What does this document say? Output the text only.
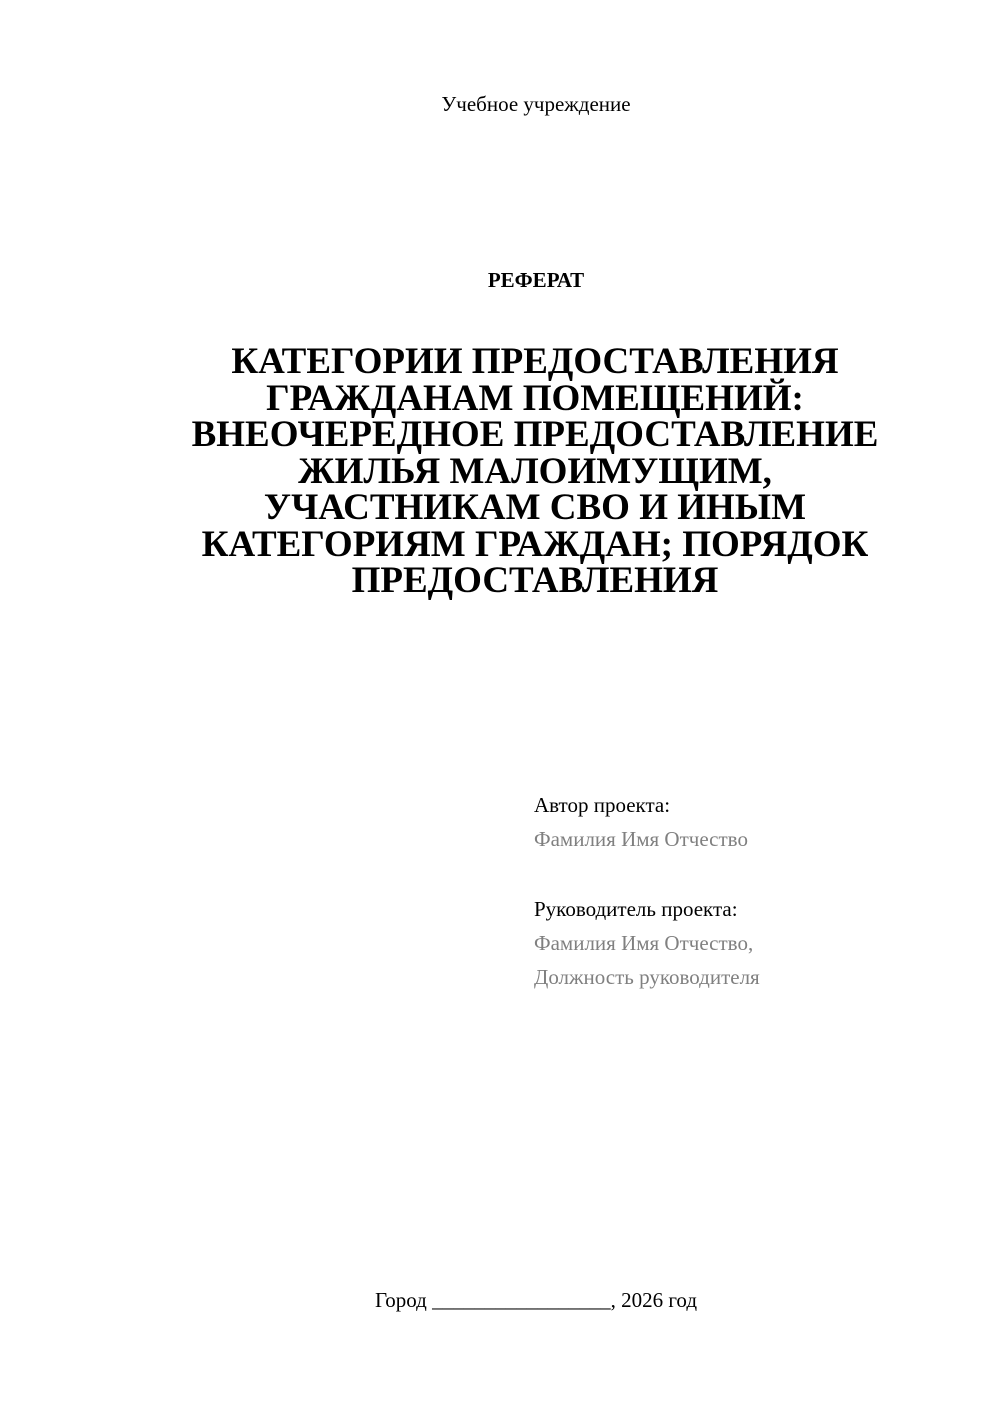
Учебное учреждение
РЕФЕРАТ
КАТЕГОРИИ ПРЕДОСТАВЛЕНИЯ
ГРАЖДАНАМ ПОМЕЩЕНИЙ:
ВНЕОЧЕРЕДНОЕ ПРЕДОСТАВЛЕНИЕ
ЖИЛЬЯ МАЛОИМУЩИМ,
УЧАСТНИКАМ СВО И ИНЫМ
КАТЕГОРИЯМ ГРАЖДАН; ПОРЯДОК
ПРЕДОСТАВЛЕНИЯ
Автор проекта:
Фамилия Имя Отчество
Руководитель проекта:
Фамилия Имя Отчество,
Должность руководителя
Город _________________, 2026 год
